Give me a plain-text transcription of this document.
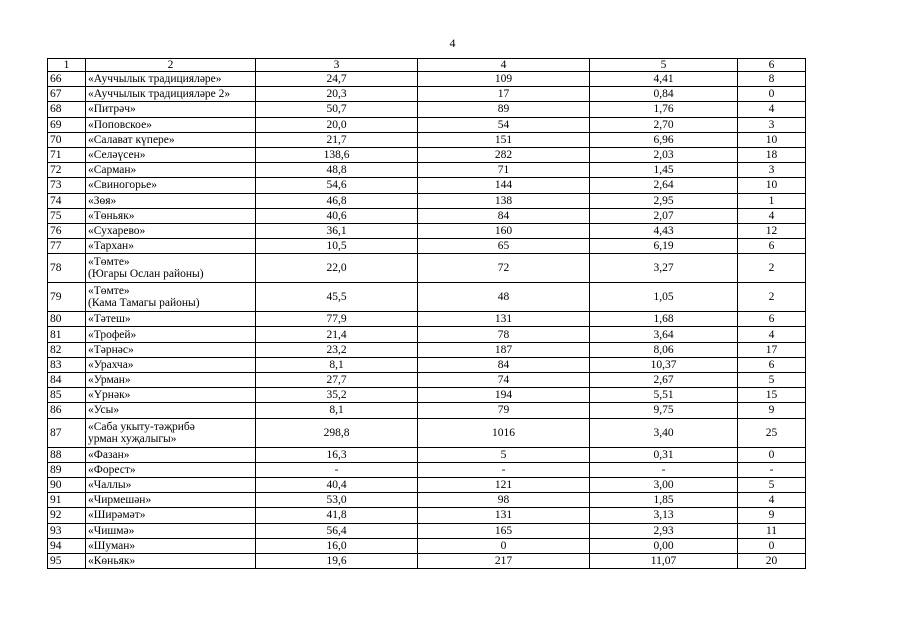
4
1	2	3	4	5	6
66	«Ауччылык традицияләре»	24,7	109	4,41	8
67	«Ауччылык традицияләре 2»	20,3	17	0,84	0
68	«Питрәч»	50,7	89	1,76	4
69	«Поповское»	20,0	54	2,70	3
70	«Салават күпере»	21,7	151	6,96	10
71	«Селәүсен»	138,6	282	2,03	18
72	«Сарман»	48,8	71	1,45	3
73	«Свиногорье»	54,6	144	2,64	10
74	«Зөя»	46,8	138	2,95	1
75	«Төньяк»	40,6	84	2,07	4
76	«Сухарево»	36,1	160	4,43	12
77	«Тархан»	10,5	65	6,19	6
78	«Төмте»
(Югары Ослан районы)	22,0	72	3,27	2
79	«Төмте»
(Кама Тамагы районы)	45,5	48	1,05	2
80	«Тәтеш»	77,9	131	1,68	6
81	«Трофей»	21,4	78	3,64	4
82	«Тәрнәс»	23,2	187	8,06	17
83	«Урахча»	8,1	84	10,37	6
84	«Урман»	27,7	74	2,67	5
85	«Үрнәк»	35,2	194	5,51	15
86	«Усы»	8,1	79	9,75	9
87	«Саба укыту-тәҗрибә
урман хуҗалыгы»	298,8	1016	3,40	25
88	«Фазан»	16,3	5	0,31	0
89	«Форест»	-	-	-	-
90	«Чаллы»	40,4	121	3,00	5
91	«Чирмешән»	53,0	98	1,85	4
92	«Ширәмәт»	41,8	131	3,13	9
93	«Чишмә»	56,4	165	2,93	11
94	«Шуман»	16,0	0	0,00	0
95	«Көньяк»	19,6	217	11,07	20
